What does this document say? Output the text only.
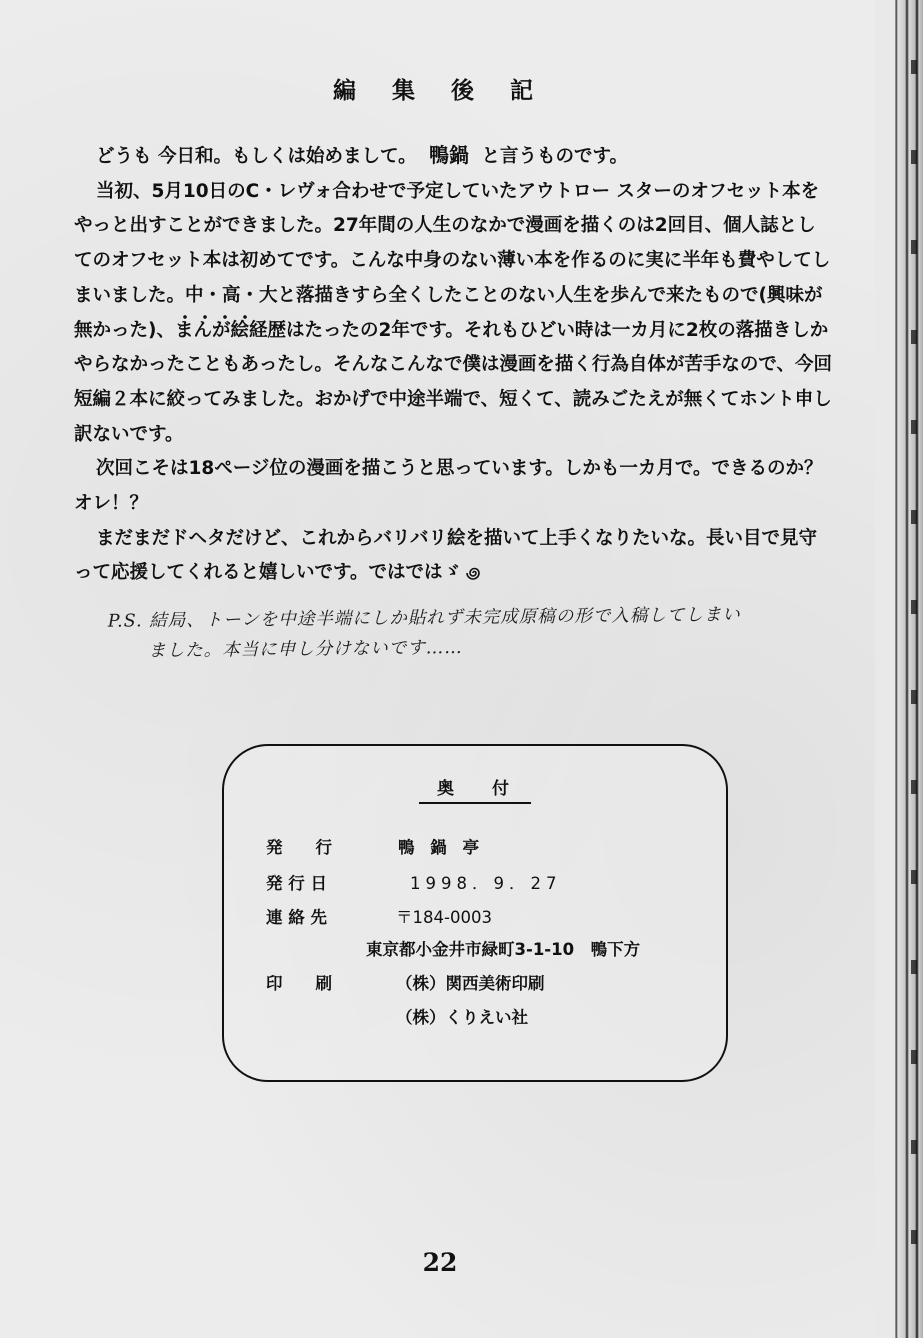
編 集 後 記

どうも 今日和。もしくは始めまして。 鴨鍋 と言うものです。

当初、5月10日のC・レヴォ合わせで予定していたアウトロー スターのオフセット本をやっと出すことができました。27年間の人生のなかで漫画を描くのは2回目、個人誌としてのオフセット本は初めてです。こんな中身のない薄い本を作るのに実に半年も費やしてしまいました。中・高・大と落描きすら全くしたことのない人生を歩んで来たもので(興味が無かった)、まんが絵経歴はたったの2年です。それもひどい時は一カ月に2枚の落描きしかやらなかったこともあったし。そんなこんなで僕は漫画を描く行為自体が苦手なので、今回短編２本に絞ってみました。おかげで中途半端で、短くて、読みごたえが無くてホント申し訳ないです。

次回こそは18ページ位の漫画を描こうと思っています。しかも一カ月で。できるのか？ オレ！？

まだまだドヘタだけど、これからバリバリ絵を描いて上手くなりたいな。長い目で見守って応援してくれると嬉しいです。ではではゞ

P.S. 結局、トーンを中途半端にしか貼れず未完成原稿の形で入稿してしまい
ました。本当に申し分けないです……
奥 付
発　　行	鴨 鍋 亭
発 行 日	1998．9．27
連 絡 先	〒184-0003
東京都小金井市緑町3-1-10　鴨下方
印　　刷	（株）関西美術印刷
（株）くりえい社
22
